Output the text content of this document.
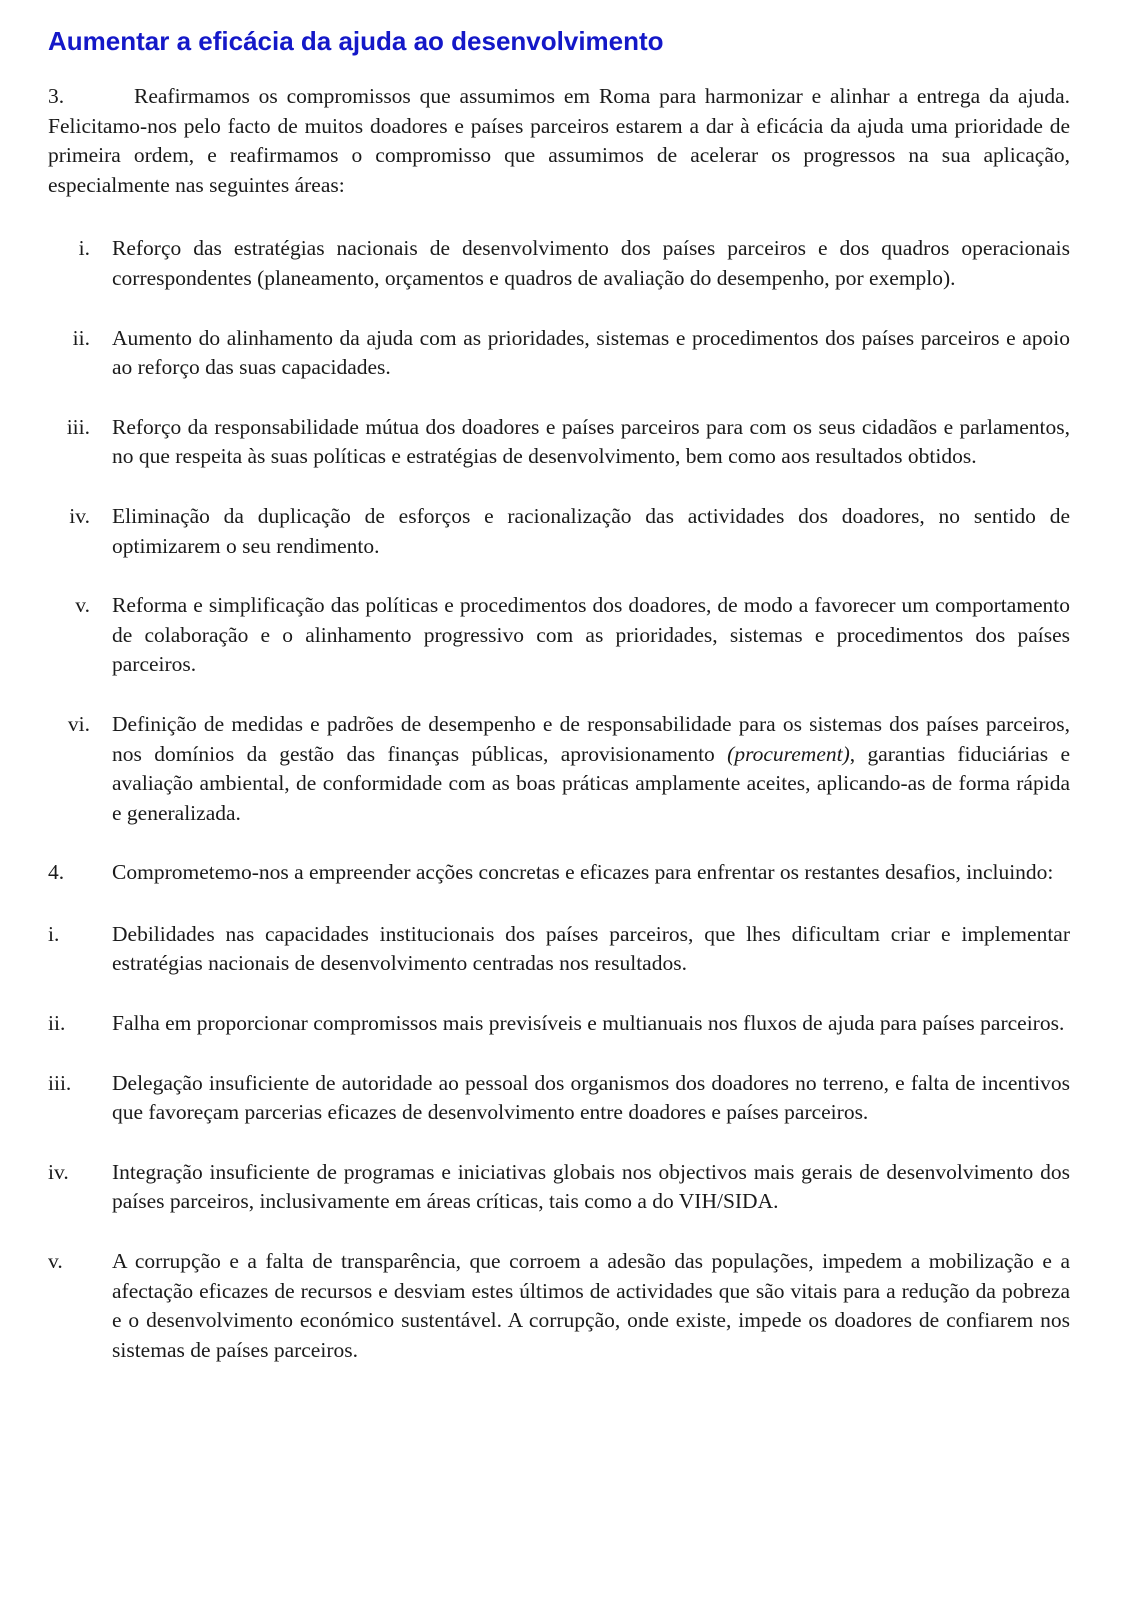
Aumentar a eficácia da ajuda ao desenvolvimento

3.	Reafirmamos os compromissos que assumimos em Roma para harmonizar e alinhar a entrega da ajuda. Felicitamo-nos pelo facto de muitos doadores e países parceiros estarem a dar à eficácia da ajuda uma prioridade de primeira ordem, e reafirmamos o compromisso que assumimos de acelerar os progressos na sua aplicação, especialmente nas seguintes áreas:

i.	Reforço das estratégias nacionais de desenvolvimento dos países parceiros e dos quadros operacionais correspondentes (planeamento, orçamentos e quadros de avaliação do desempenho, por exemplo).
ii.	Aumento do alinhamento da ajuda com as prioridades, sistemas e procedimentos dos países parceiros e apoio ao reforço das suas capacidades.
iii.	Reforço da responsabilidade mútua dos doadores e países parceiros para com os seus cidadãos e parlamentos, no que respeita às suas políticas e estratégias de desenvolvimento, bem como aos resultados obtidos.
iv.	Eliminação da duplicação de esforços e racionalização das actividades dos doadores, no sentido de optimizarem o seu rendimento.
v.	Reforma e simplificação das políticas e procedimentos dos doadores, de modo a favorecer um comportamento de colaboração e o alinhamento progressivo com as prioridades, sistemas e procedimentos dos países parceiros.
vi.	Definição de medidas e padrões de desempenho e de responsabilidade para os sistemas dos países parceiros, nos domínios da gestão das finanças públicas, aprovisionamento (procurement), garantias fiduciárias e avaliação ambiental, de conformidade com as boas práticas amplamente aceites, aplicando-as de forma rápida e generalizada.

4. Comprometemo-nos a empreender acções concretas e eficazes para enfrentar os restantes desafios, incluindo:

i.	Debilidades nas capacidades institucionais dos países parceiros, que lhes dificultam criar e implementar estratégias nacionais de desenvolvimento centradas nos resultados.
ii.	Falha em proporcionar compromissos mais previsíveis e multianuais nos fluxos de ajuda para países parceiros.
iii.	Delegação insuficiente de autoridade ao pessoal dos organismos dos doadores no terreno, e falta de incentivos que favoreçam parcerias eficazes de desenvolvimento entre doadores e países parceiros.
iv.	Integração insuficiente de programas e iniciativas globais nos objectivos mais gerais de desenvolvimento dos países parceiros, inclusivamente em áreas críticas, tais como a do VIH/SIDA.
v.	A corrupção e a falta de transparência, que corroem a adesão das populações, impedem a mobilização e a afectação eficazes de recursos e desviam estes últimos de actividades que são vitais para a redução da pobreza e o desenvolvimento económico sustentável. A corrupção, onde existe, impede os doadores de confiarem nos sistemas de países parceiros.
